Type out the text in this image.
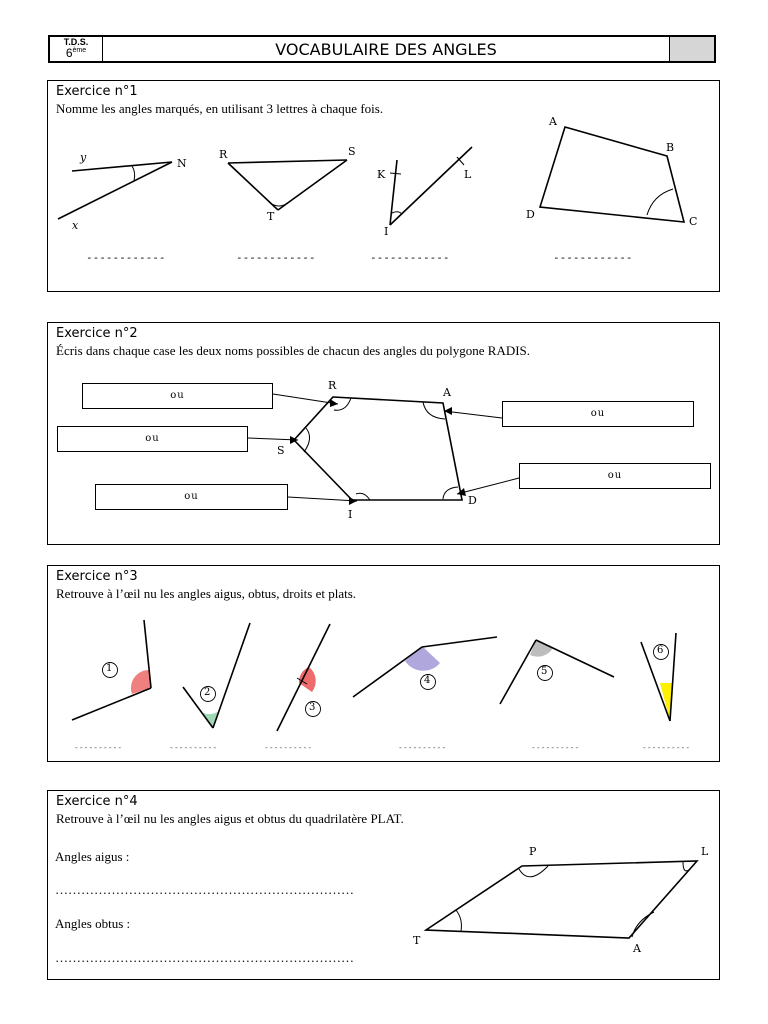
T.D.S.
6ème	VOCABULAIRE DES ANGLES
Exercice n°1
Nomme les angles marqués, en utilisant 3 lettres à chaque fois.
y	N
x
R	S
T
K	L
I
A
B
C
D
------------	------------	------------	------------
Exercice n°2
Écris dans chaque case les deux noms possibles de chacun des angles du polygone RADIS.
ou
ou
ou
ou
ou
R
A
S
I
D
Exercice n°3
Retrouve à l’œil nu les angles aigus, obtus, droits et plats.
1
2
3
4
5
6
----------	----------	----------	----------	----------	----------
Exercice n°4
Retrouve à l’œil nu les angles aigus et obtus du quadrilatère PLAT.
Angles aigus :
……………………………………………………………
Angles obtus :
……………………………………………………………
P	L
T
A
